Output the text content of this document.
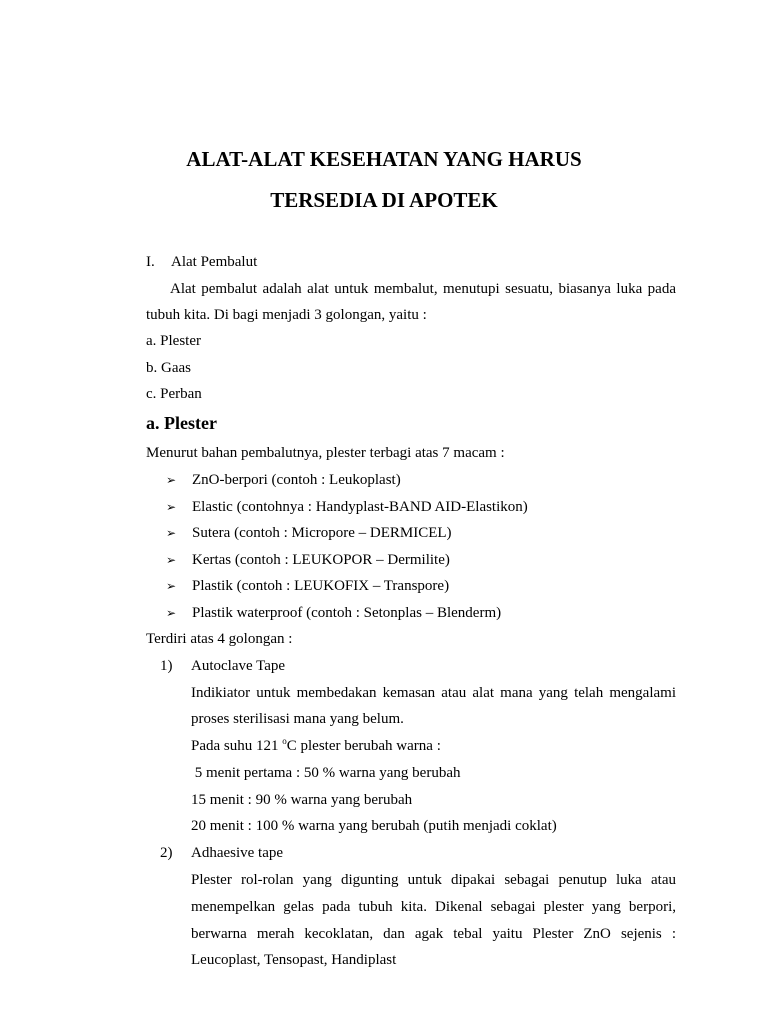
ALAT-ALAT KESEHATAN YANG HARUS
TERSEDIA DI APOTEK
I. Alat Pembalut

Alat pembalut adalah alat untuk membalut, menutupi sesuatu, biasanya luka pada

tubuh kita. Di bagi menjadi 3 golongan, yaitu :

a. Plester

b. Gaas

c. Perban

a. Plester

Menurut bahan pembalutnya, plester terbagi atas 7 macam :

➢ ZnO-berpori (contoh : Leukoplast)
➢ Elastic (contohnya : Handyplast-BAND AID-Elastikon)
➢ Sutera (contoh : Micropore – DERMICEL)
➢ Kertas (contoh : LEUKOPOR – Dermilite)
➢ Plastik (contoh : LEUKOFIX – Transpore)
➢ Plastik waterproof (contoh : Setonplas – Blenderm)

Terdiri atas 4 golongan :

1) Autoclave Tape

Indikiator untuk membedakan kemasan atau alat mana yang telah mengalami

proses sterilisasi mana yang belum.

Pada suhu 121 $^o$C plester berubah warna :

5 menit pertama : 50 % warna yang berubah

15 menit : 90 % warna yang berubah

20 menit : 100 % warna yang berubah (putih menjadi coklat)

2) Adhaesive tape

Plester rol-rolan yang digunting untuk dipakai sebagai penutup luka atau

menempelkan gelas pada tubuh kita. Dikenal sebagai plester yang berpori,

berwarna merah kecoklatan, dan agak tebal yaitu Plester ZnO sejenis :

Leucoplast, Tensopast, Handiplast
